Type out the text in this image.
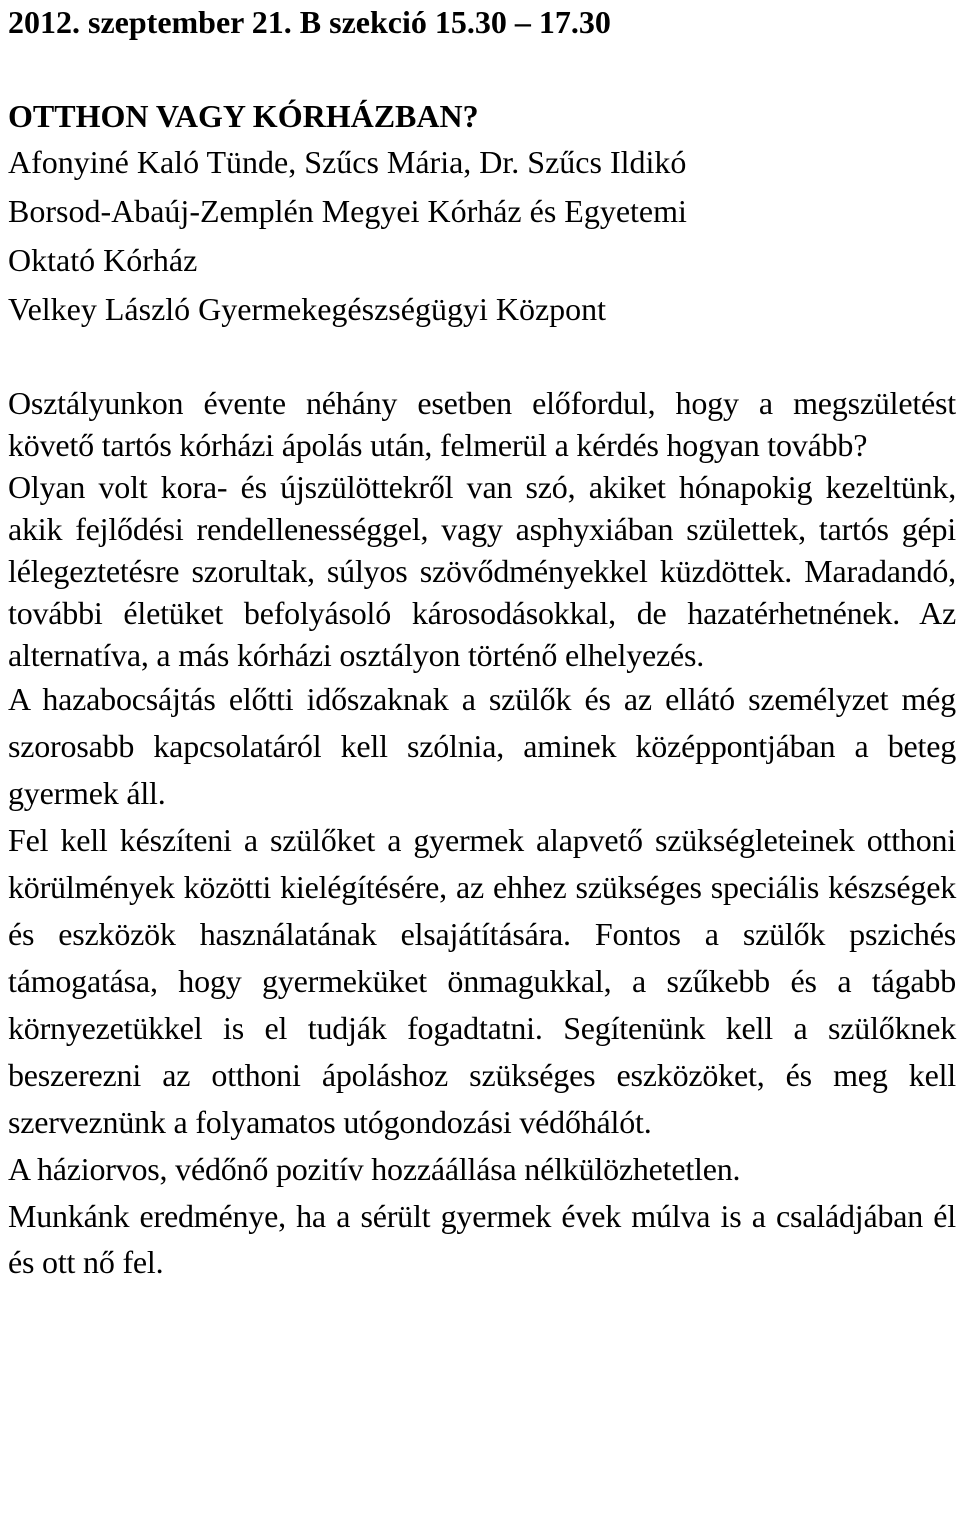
2012. szeptember 21. B szekció 15.30 – 17.30

OTTHON VAGY KÓRHÁZBAN?

Afonyiné Kaló Tünde, Szűcs Mária, Dr. Szűcs Ildikó

Borsod-Abaúj-Zemplén Megyei Kórház és Egyetemi

Oktató Kórház

Velkey László Gyermekegészségügyi Központ

Osztályunkon évente néhány esetben előfordul, hogy a megszületést követő tartós kórházi ápolás után, felmerül a kérdés hogyan tovább?

Olyan volt kora- és újszülöttekről van szó, akiket hónapokig kezeltünk, akik fejlődési rendellenességgel, vagy asphyxiában születtek, tartós gépi lélegeztetésre szorultak, súlyos szövődményekkel küzdöttek. Maradandó, további életüket befolyásoló károsodásokkal, de hazatérhetnének. Az alternatíva, a más kórházi osztályon történő elhelyezés.

A hazabocsájtás előtti időszaknak a szülők és az ellátó személyzet még szorosabb kapcsolatáról kell szólnia, aminek középpontjában a beteg gyermek áll.

Fel kell készíteni a szülőket a gyermek alapvető szükségleteinek otthoni körülmények közötti kielégítésére, az ehhez szükséges speciális készségek és eszközök használatának elsajátítására. Fontos a szülők pszichés támogatása, hogy gyermeküket önmagukkal, a szűkebb és a tágabb környezetükkel is el tudják fogadtatni. Segítenünk kell a szülőknek beszerezni az otthoni ápoláshoz szükséges eszközöket, és meg kell szerveznünk a folyamatos utógondozási védőhálót.

A háziorvos, védőnő pozitív hozzáállása nélkülözhetetlen.

Munkánk eredménye, ha a sérült gyermek évek múlva is a családjában él és ott nő fel.
